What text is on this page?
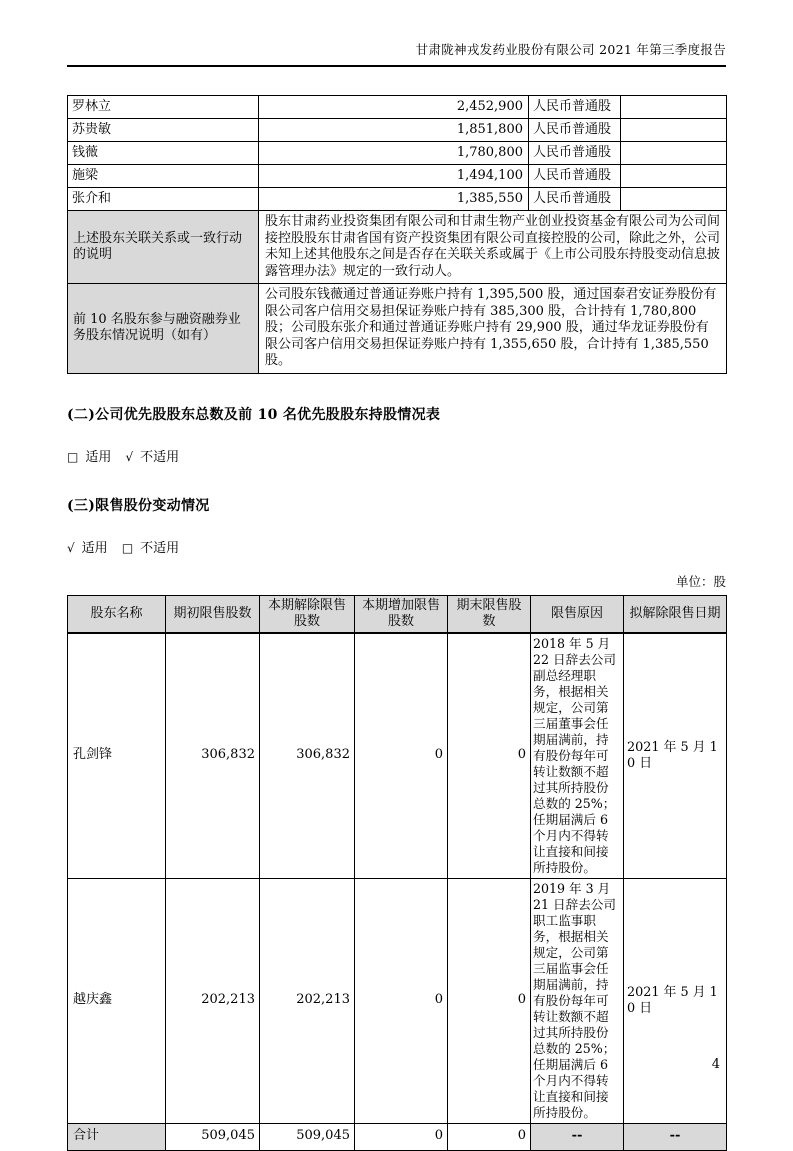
甘肃陇神戎发药业股份有限公司 2021 年第三季度报告
罗林立	2,452,900	人民币普通股	
苏贵敏	1,851,800	人民币普通股	
钱薇	1,780,800	人民币普通股	
施梁	1,494,100	人民币普通股	
张介和	1,385,550	人民币普通股	
上述股东关联关系或一致行动的说明	股东甘肃药业投资集团有限公司和甘肃生物产业创业投资基金有限公司为公司间接控股股东甘肃省国有资产投资集团有限公司直接控股的公司，除此之外，公司未知上述其他股东之间是否存在关联关系或属于《上市公司股东持股变动信息披露管理办法》规定的一致行动人。		
前 10 名股东参与融资融券业务股东情况说明（如有）	公司股东钱薇通过普通证券账户持有 1,395,500 股，通过国泰君安证券股份有限公司客户信用交易担保证券账户持有 385,300 股，合计持有 1,780,800 股；公司股东张介和通过普通证券账户持有 29,900 股，通过华龙证券股份有限公司客户信用交易担保证券账户持有 1,355,650 股，合计持有 1,385,550 股。		
(二)公司优先股股东总数及前 10 名优先股股东持股情况表
□ 适用 √ 不适用
(三)限售股份变动情况
√ 适用 □ 不适用
单位：股
股东名称	期初限售股数	本期解除限售股数	本期增加限售股数	期末限售股数	限售原因	拟解除限售日期
孔剑锋	306,832	306,832	0	0	2018 年 5 月 22 日辞去公司副总经理职务，根据相关规定，公司第三届董事会任期届满前，持有股份每年可转让数额不超过其所持股份总数的 25%；任期届满后 6 个月内不得转让直接和间接所持股份。	2021 年 5 月 10 日
越庆鑫	202,213	202,213	0	0	2019 年 3 月 21 日辞去公司职工监事职务，根据相关规定，公司第三届监事会任期届满前，持有股份每年可转让数额不超过其所持股份总数的 25%；任期届满后 6 个月内不得转让直接和间接所持股份。	2021 年 5 月 10 日
合计	509,045	509,045	0	0	--	--
4
